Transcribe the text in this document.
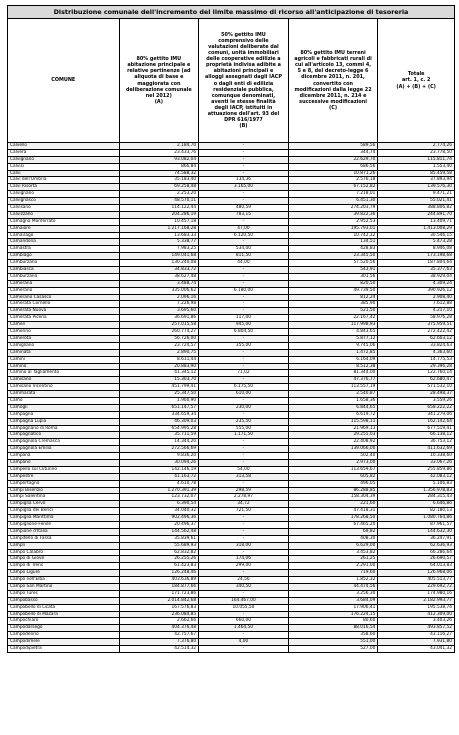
Distribuzione comunale dell'incremento del limite massimo di ricorso all'anticipazione di tesoreria
COMUNE
80% gettito IMU
abitazione principale e
relative pertinenze (ad
aliquota di base e
maggiorata con
deliberazione comunale
nel 2012)
(A)
50% gettito IMU
comprensivo delle
valutazioni deliberate dal
comuni, unità immobiliari
delle cooperative edilizie a
proprietà indivisa adibite a
abitazioni principali e
alloggi assegnati dagli IACP
o dagli enti di edilizia
residenziale pubblica,
comunque denominati,
aventi le stesse finalità
degli IACP, istituiti in
attuazione dell'art. 93 del
DPR 616/1977
(B)
80% gettito IMU terreni
agricoli e fabbricati rurali di
cui all'articolo 13, commi 4,
5 e 8, del decreto-legge 6
dicembre 2011, n. 201,
convertito con
modificazioni dalla legge 22
dicembre 2011, n. 214 e
successive modificazioni
(C)
Totale
art. 1, c. 2
(A) + (B) + (C)
Calvello	2.184,70	-	589,56	2.774,26
Calvera	23.433,76	-	344,74	23.778,50
Calvignano	93.082,04	-	22.629,70	115.811,74
Calvisi	866,84	-	686,56	1.553,40
Calvi	74.588,32	-	10.871,26	85.459,58
Calvi dell'Umbria	35.183,40	134,36	2.576,18	37.893,94
Calvi Risorta	69.258,48	3.165,00	67.152,82	139.576,30
Calvignano	2.253,20	-	7.218,01	9.471,21
Calvignasco	48.570,11	-	6.451,30	55.021,41
Calvisano	114.122,44	480,59	274.203,79	388.806,82
Calvizzano	204.286,19	783,15	39.822,36	244.891,70
Camagna Monferrato	10.457,18	-	2.952,53	13.409,71
Camaiore	1.217.168,28	47,00	195.793,01	1.413.008,29
Camairago	13.683,33	6.120,50	10.742,32	30.546,15
Camandona	5.338,77	-	134,51	5.473,28
Camastra	7.983,25	534,00	428,83	8.946,08
Cambiago	149.041,68	811,50	23.345,50	173.198,68
Camburzano	130.240,08	44,00	57.520,56	187.804,64
Cambiasca	34.833,72	-	543,91	35.377,63
Camburzano	38.627,48	-	301,56	38.929,04
Camerana	3.488,74	-	820,50	4.309,24
Camerano	335.006,62	6.180,00	49.739,50	390.926,12
Camerano Casasco	2.096,16	-	812,24	2.908,40
Camerata Cornello	7.226,98	-	385,90	7.612,88
Camerata Nuova	3.695,60	-	521,50	4.217,10
Camerata Picena	36.691,86	117,00	22.167,42	58.976,28
Cameri	257.015,58	945,00	117.998,93	375.959,51
Camerino	260.774,27	6.804,50	4.843,65	272.422,42
Camerota	56.726,00	-	5.877,12	62.603,12
Camigliano	23.724,57	355,00	9.745,06	33.824,63
Caminata	2.890,75	-	1.472,85	4.363,60
Camini	8.611,44	-	6.164,09	14.775,53
Camino	20.883,90	-	8.512,38	29.396,28
Camino al Tagliamento	41.345,12	71,02	81.344,00	122.760,14
Camisano	15.303,70	-	47.376,77	62.680,47
Camisano Vicentino	451.799,41	6.175,50	113.557,19	571.532,10
Cammarata	25.347,50	610,00	2.540,87	28.498,37
Camo	1.900,90	-	1.658,36	3.559,26
Camogli	651.147,57	230,00	6.844,65	658.222,22
Campagna	334.659,34	-	6.619,72	341.279,06
Campagna Lupia	46.309,03	235,50	115.598,11	162.142,64
Campagnano di Roma	654.995,28	555,00	21.969,13	677.519,41
Campagnatico	35.711,59	1.171,50	29.255,03	66.138,12
Campagnola Cremasca	14.344,20	-	22.408,92	36.753,12
Campagnola Emilia	272.566,69	-	139.066,00	411.632,69
Campana	9.836,20	-	502,40	10.338,60
Campano	30.094,26	-	2.973,00	33.067,26
Campello sul Clitunno	142.146,19	54,00	113.659,67	255.859,86
Campestre	41.163,72	313,58	605,82	42.083,12
Campertogno	4.610,78	-	496,05	5.106,83
Campi Bisenzio	1.270.391,39	298,59	86.288,85	1.356.978,83
Campi Salentina	123.732,07	2.278,97	158.304,39	284.315,43
Campiglia Cervo	6.390,54	34,72	221,60	6.646,86
Campiglia dei Berici	34.040,32	721,50	47.418,31	82.180,13
Campiglia Marittima	902.496,36	-	178.268,50	1.080.764,86
Campiglione-Fenile	20.496,37	-	67.465,20	87.961,57
Campione d'Italia	144.562,48	-	69,82	144.632,30
Campitello di Fassa	35.839,61	-	408,30	36.247,91
Campli	55.689,93	318,00	6.629,00	62.636,93
Campo Calabro	62.832,82	-	3.453,82	66.286,64
Campo di Giove	26.255,26	174,06	261,25	26.690,57
Campo di Trens	61.423,83	299,00	2.291,00	64.013,83
Campo Ligure	126.248,46	-	719,60	126.968,06
Campo nell'Elba	403.636,89	24,56	1.852,32	405.513,77
Campo San Martino	184.877,66	340,50	44.474,56	229.692,72
Campo Tures	171.723,86	-	3.256,30	174.980,16
Campobasso	2.014.842,68	164.467,00	3.684,09	2.182.993,77
Campobello di Licata	167.576,83	10.055,50	17.906,41	195.538,74
Campobello di Mazara	236.084,85	-	176.224,15	412.309,00
Campochiaro	2.662,66	660,00	80,60	3.403,26
Campodarsego	404.376,48	1.464,50	88.016,54	493.857,52
Campodenno	42.757,67	-	358,60	43.116,27
Campodimele	7.376,80	4,00	551,00	7.931,80
Campodipietra	42.514,32	-	527,00	43.041,32
